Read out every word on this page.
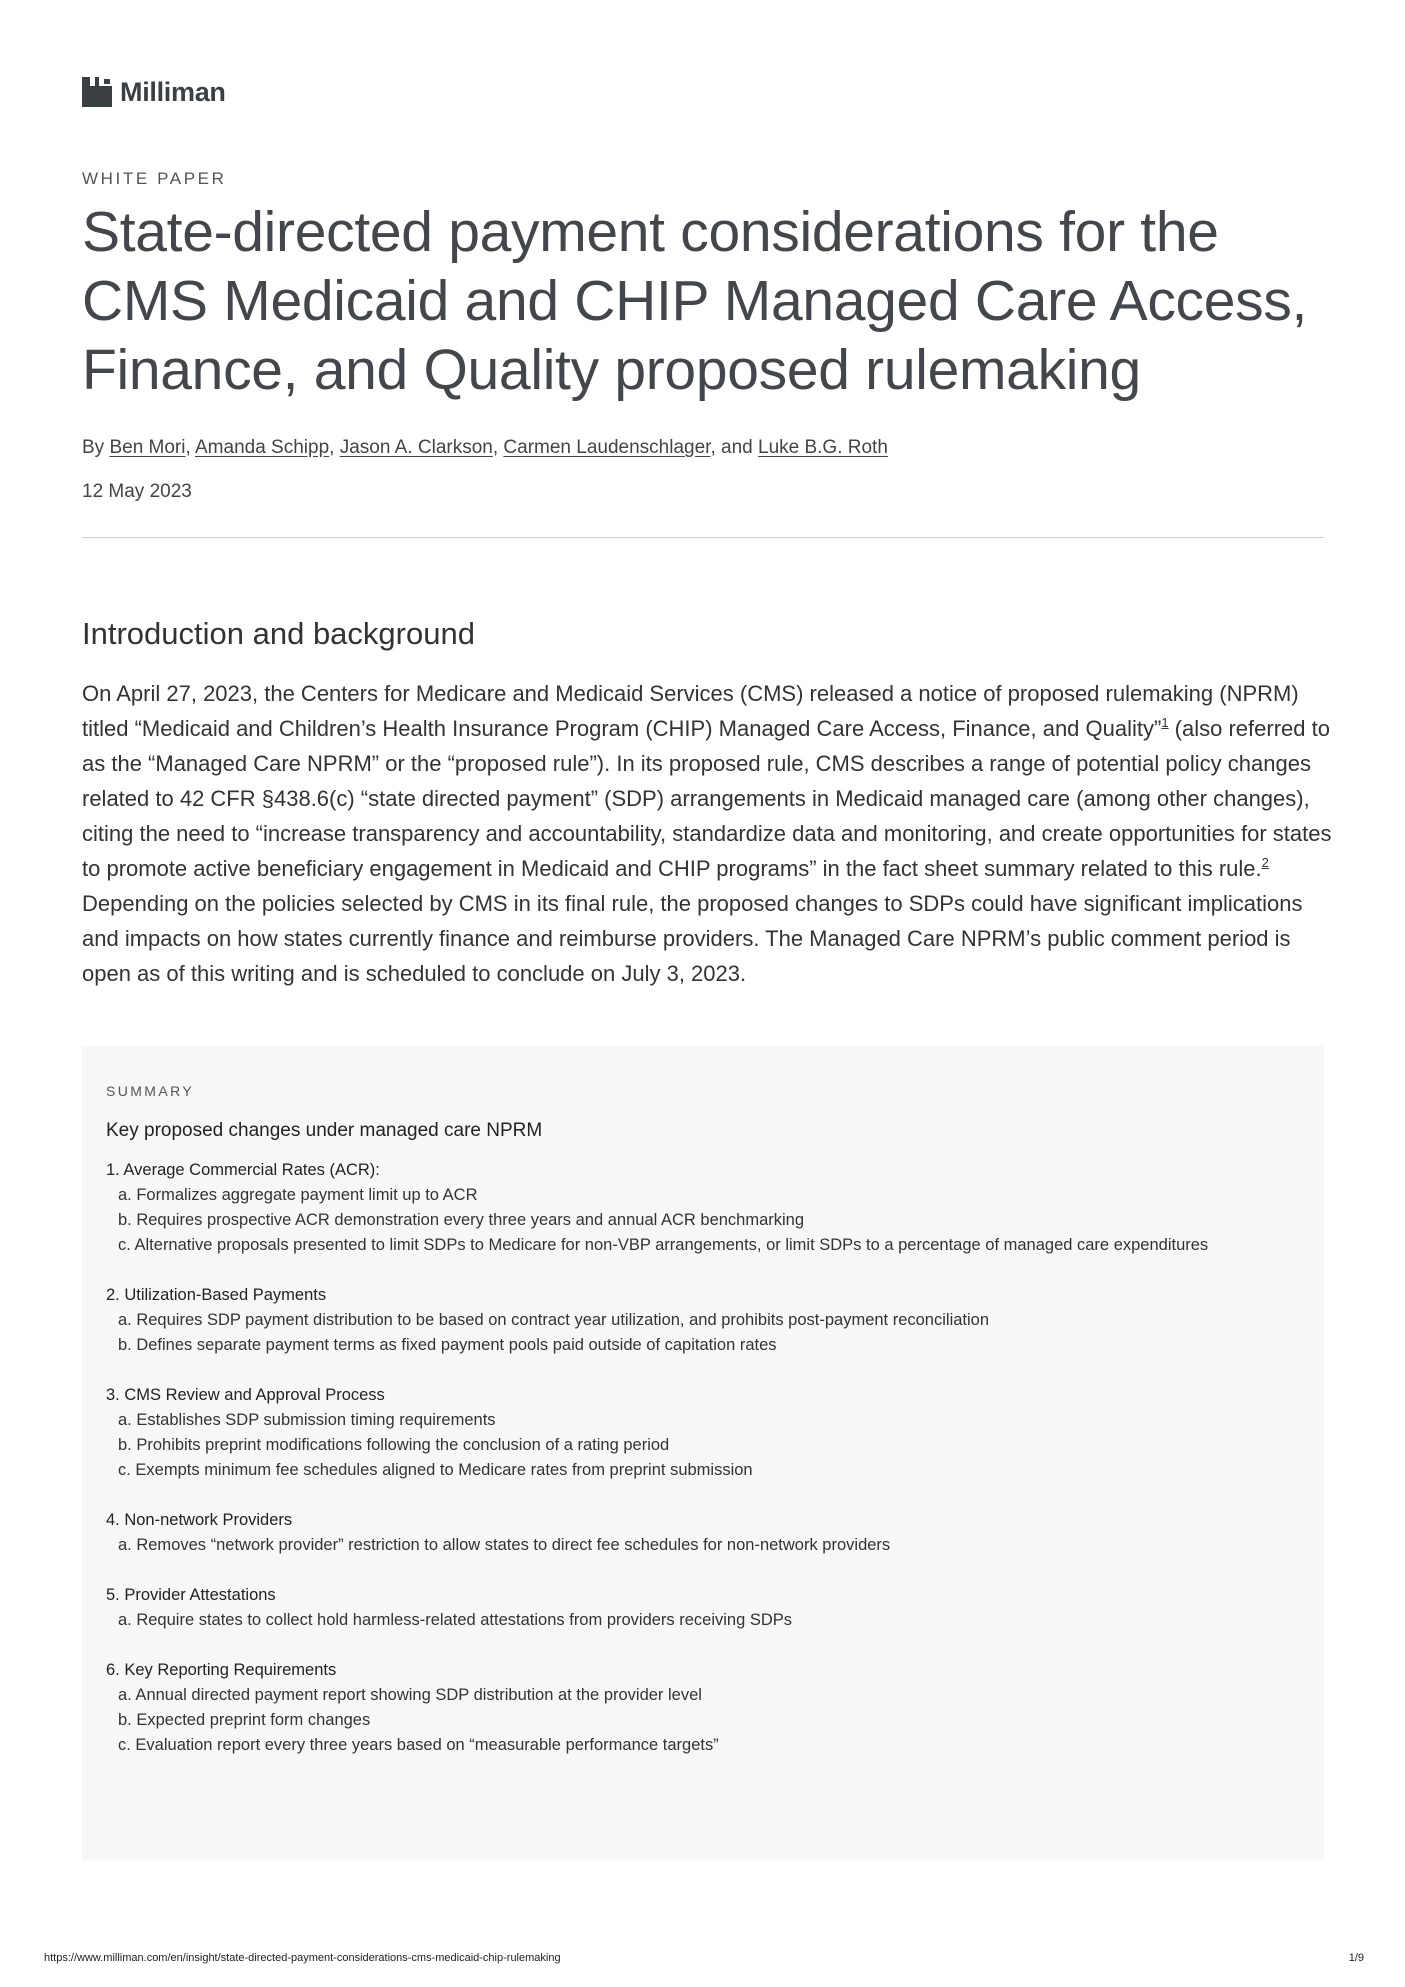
Milliman
WHITE PAPER
State-directed payment considerations for the CMS Medicaid and CHIP Managed Care Access, Finance, and Quality proposed rulemaking
By Ben Mori, Amanda Schipp, Jason A. Clarkson, Carmen Laudenschlager, and Luke B.G. Roth
12 May 2023
Introduction and background

On April 27, 2023, the Centers for Medicare and Medicaid Services (CMS) released a notice of proposed rulemaking (NPRM) titled “Medicaid and Children’s Health Insurance Program (CHIP) Managed Care Access, Finance, and Quality”$^1$ (also referred to as the “Managed Care NPRM” or the “proposed rule”). In its proposed rule, CMS describes a range of potential policy changes related to 42 CFR §438.6(c) “state directed payment” (SDP) arrangements in Medicaid managed care (among other changes), citing the need to “increase transparency and accountability, standardize data and monitoring, and create opportunities for states to promote active beneficiary engagement in Medicaid and CHIP programs” in the fact sheet summary related to this rule.$^2$ Depending on the policies selected by CMS in its final rule, the proposed changes to SDPs could have significant implications and impacts on how states currently finance and reimburse providers. The Managed Care NPRM’s public comment period is open as of this writing and is scheduled to conclude on July 3, 2023.

SUMMARY
Key proposed changes under managed care NPRM
1. Average Commercial Rates (ACR):
a. Formalizes aggregate payment limit up to ACR
b. Requires prospective ACR demonstration every three years and annual ACR benchmarking
c. Alternative proposals presented to limit SDPs to Medicare for non-VBP arrangements, or limit SDPs to a percentage of managed care expenditures
2. Utilization-Based Payments
a. Requires SDP payment distribution to be based on contract year utilization, and prohibits post-payment reconciliation
b. Defines separate payment terms as fixed payment pools paid outside of capitation rates
3. CMS Review and Approval Process
a. Establishes SDP submission timing requirements
b. Prohibits preprint modifications following the conclusion of a rating period
c. Exempts minimum fee schedules aligned to Medicare rates from preprint submission
4. Non-network Providers
a. Removes “network provider” restriction to allow states to direct fee schedules for non-network providers
5. Provider Attestations
a. Require states to collect hold harmless-related attestations from providers receiving SDPs
6. Key Reporting Requirements
a. Annual directed payment report showing SDP distribution at the provider level
b. Expected preprint form changes
c. Evaluation report every three years based on “measurable performance targets”
https://www.milliman.com/en/insight/state-directed-payment-considerations-cms-medicaid-chip-rulemaking	1/9
